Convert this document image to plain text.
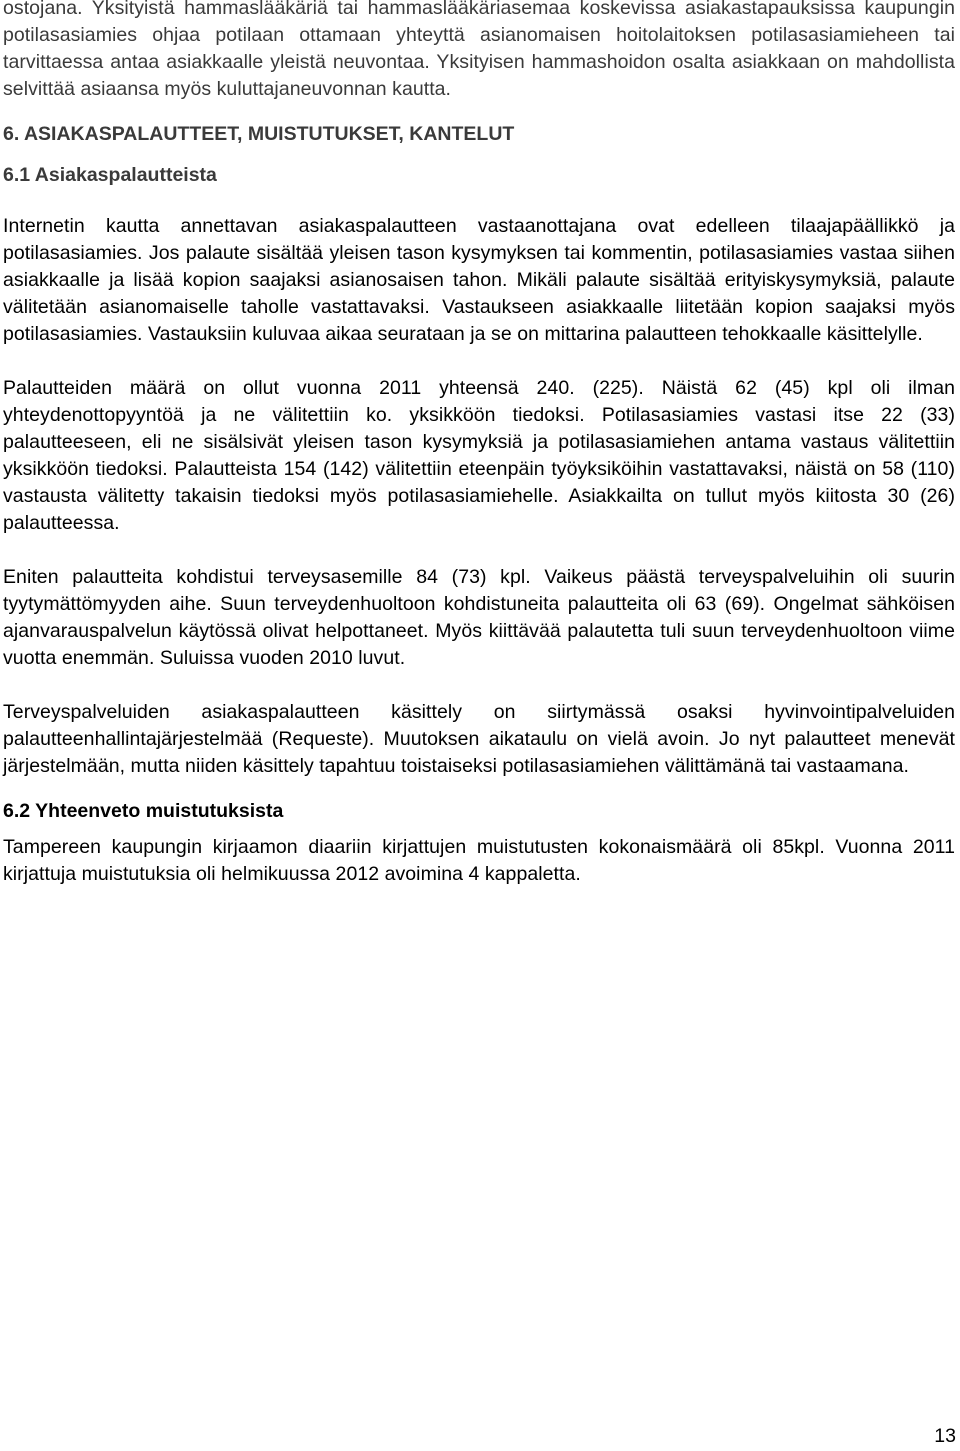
ostojana. Yksityistä hammaslääkäriä tai hammaslääkäriasemaa koskevissa asiakastapauksissa kaupungin potilasasiamies ohjaa potilaan ottamaan yhteyttä asianomaisen hoitolaitoksen potilasasiamieheen tai tarvittaessa antaa asiakkaalle yleistä neuvontaa. Yksityisen hammashoidon osalta asiakkaan on mahdollista selvittää asiaansa myös kuluttajaneuvonnan kautta.

6. ASIAKASPALAUTTEET, MUISTUTUKSET, KANTELUT
6.1 Asiakaspalautteista

Internetin kautta annettavan asiakaspalautteen vastaanottajana ovat edelleen tilaajapäällikkö ja potilasasiamies. Jos palaute sisältää yleisen tason kysymyksen tai kommentin, potilasasiamies vastaa siihen asiakkaalle ja lisää kopion saajaksi asianosaisen tahon. Mikäli palaute sisältää erityiskysymyksiä, palaute välitetään asianomaiselle taholle vastattavaksi. Vastaukseen asiakkaalle liitetään kopion saajaksi myös potilasasiamies. Vastauksiin kuluvaa aikaa seurataan ja se on mittarina palautteen tehokkaalle käsittelylle.

Palautteiden määrä on ollut vuonna 2011 yhteensä 240. (225). Näistä 62 (45) kpl oli ilman yhteydenottopyyntöä ja ne välitettiin ko. yksikköön tiedoksi. Potilasasiamies vastasi itse 22 (33) palautteeseen, eli ne sisälsivät yleisen tason kysymyksiä ja potilasasiamiehen antama vastaus välitettiin yksikköön tiedoksi. Palautteista 154 (142) välitettiin eteenpäin työyksiköihin vastattavaksi, näistä on 58 (110) vastausta välitetty takaisin tiedoksi myös potilasasiamiehelle. Asiakkailta on tullut myös kiitosta 30 (26) palautteessa.

Eniten palautteita kohdistui terveysasemille 84 (73) kpl. Vaikeus päästä terveyspalveluihin oli suurin tyytymättömyyden aihe. Suun terveydenhuoltoon kohdistuneita palautteita oli 63 (69). Ongelmat sähköisen ajanvarauspalvelun käytössä olivat helpottaneet. Myös kiittävää palautetta tuli suun terveydenhuoltoon viime vuotta enemmän. Suluissa vuoden 2010 luvut.

Terveyspalveluiden asiakaspalautteen käsittely on siirtymässä osaksi hyvinvointipalveluiden palautteenhallintajärjestelmää (Requeste). Muutoksen aikataulu on vielä avoin. Jo nyt palautteet menevät järjestelmään, mutta niiden käsittely tapahtuu toistaiseksi potilasasiamiehen välittämänä tai vastaamana.

6.2 Yhteenveto muistutuksista

Tampereen kaupungin kirjaamon diaariin kirjattujen muistutusten kokonaismäärä oli 85kpl. Vuonna 2011 kirjattuja muistutuksia oli helmikuussa 2012 avoimina 4 kappaletta.

13
